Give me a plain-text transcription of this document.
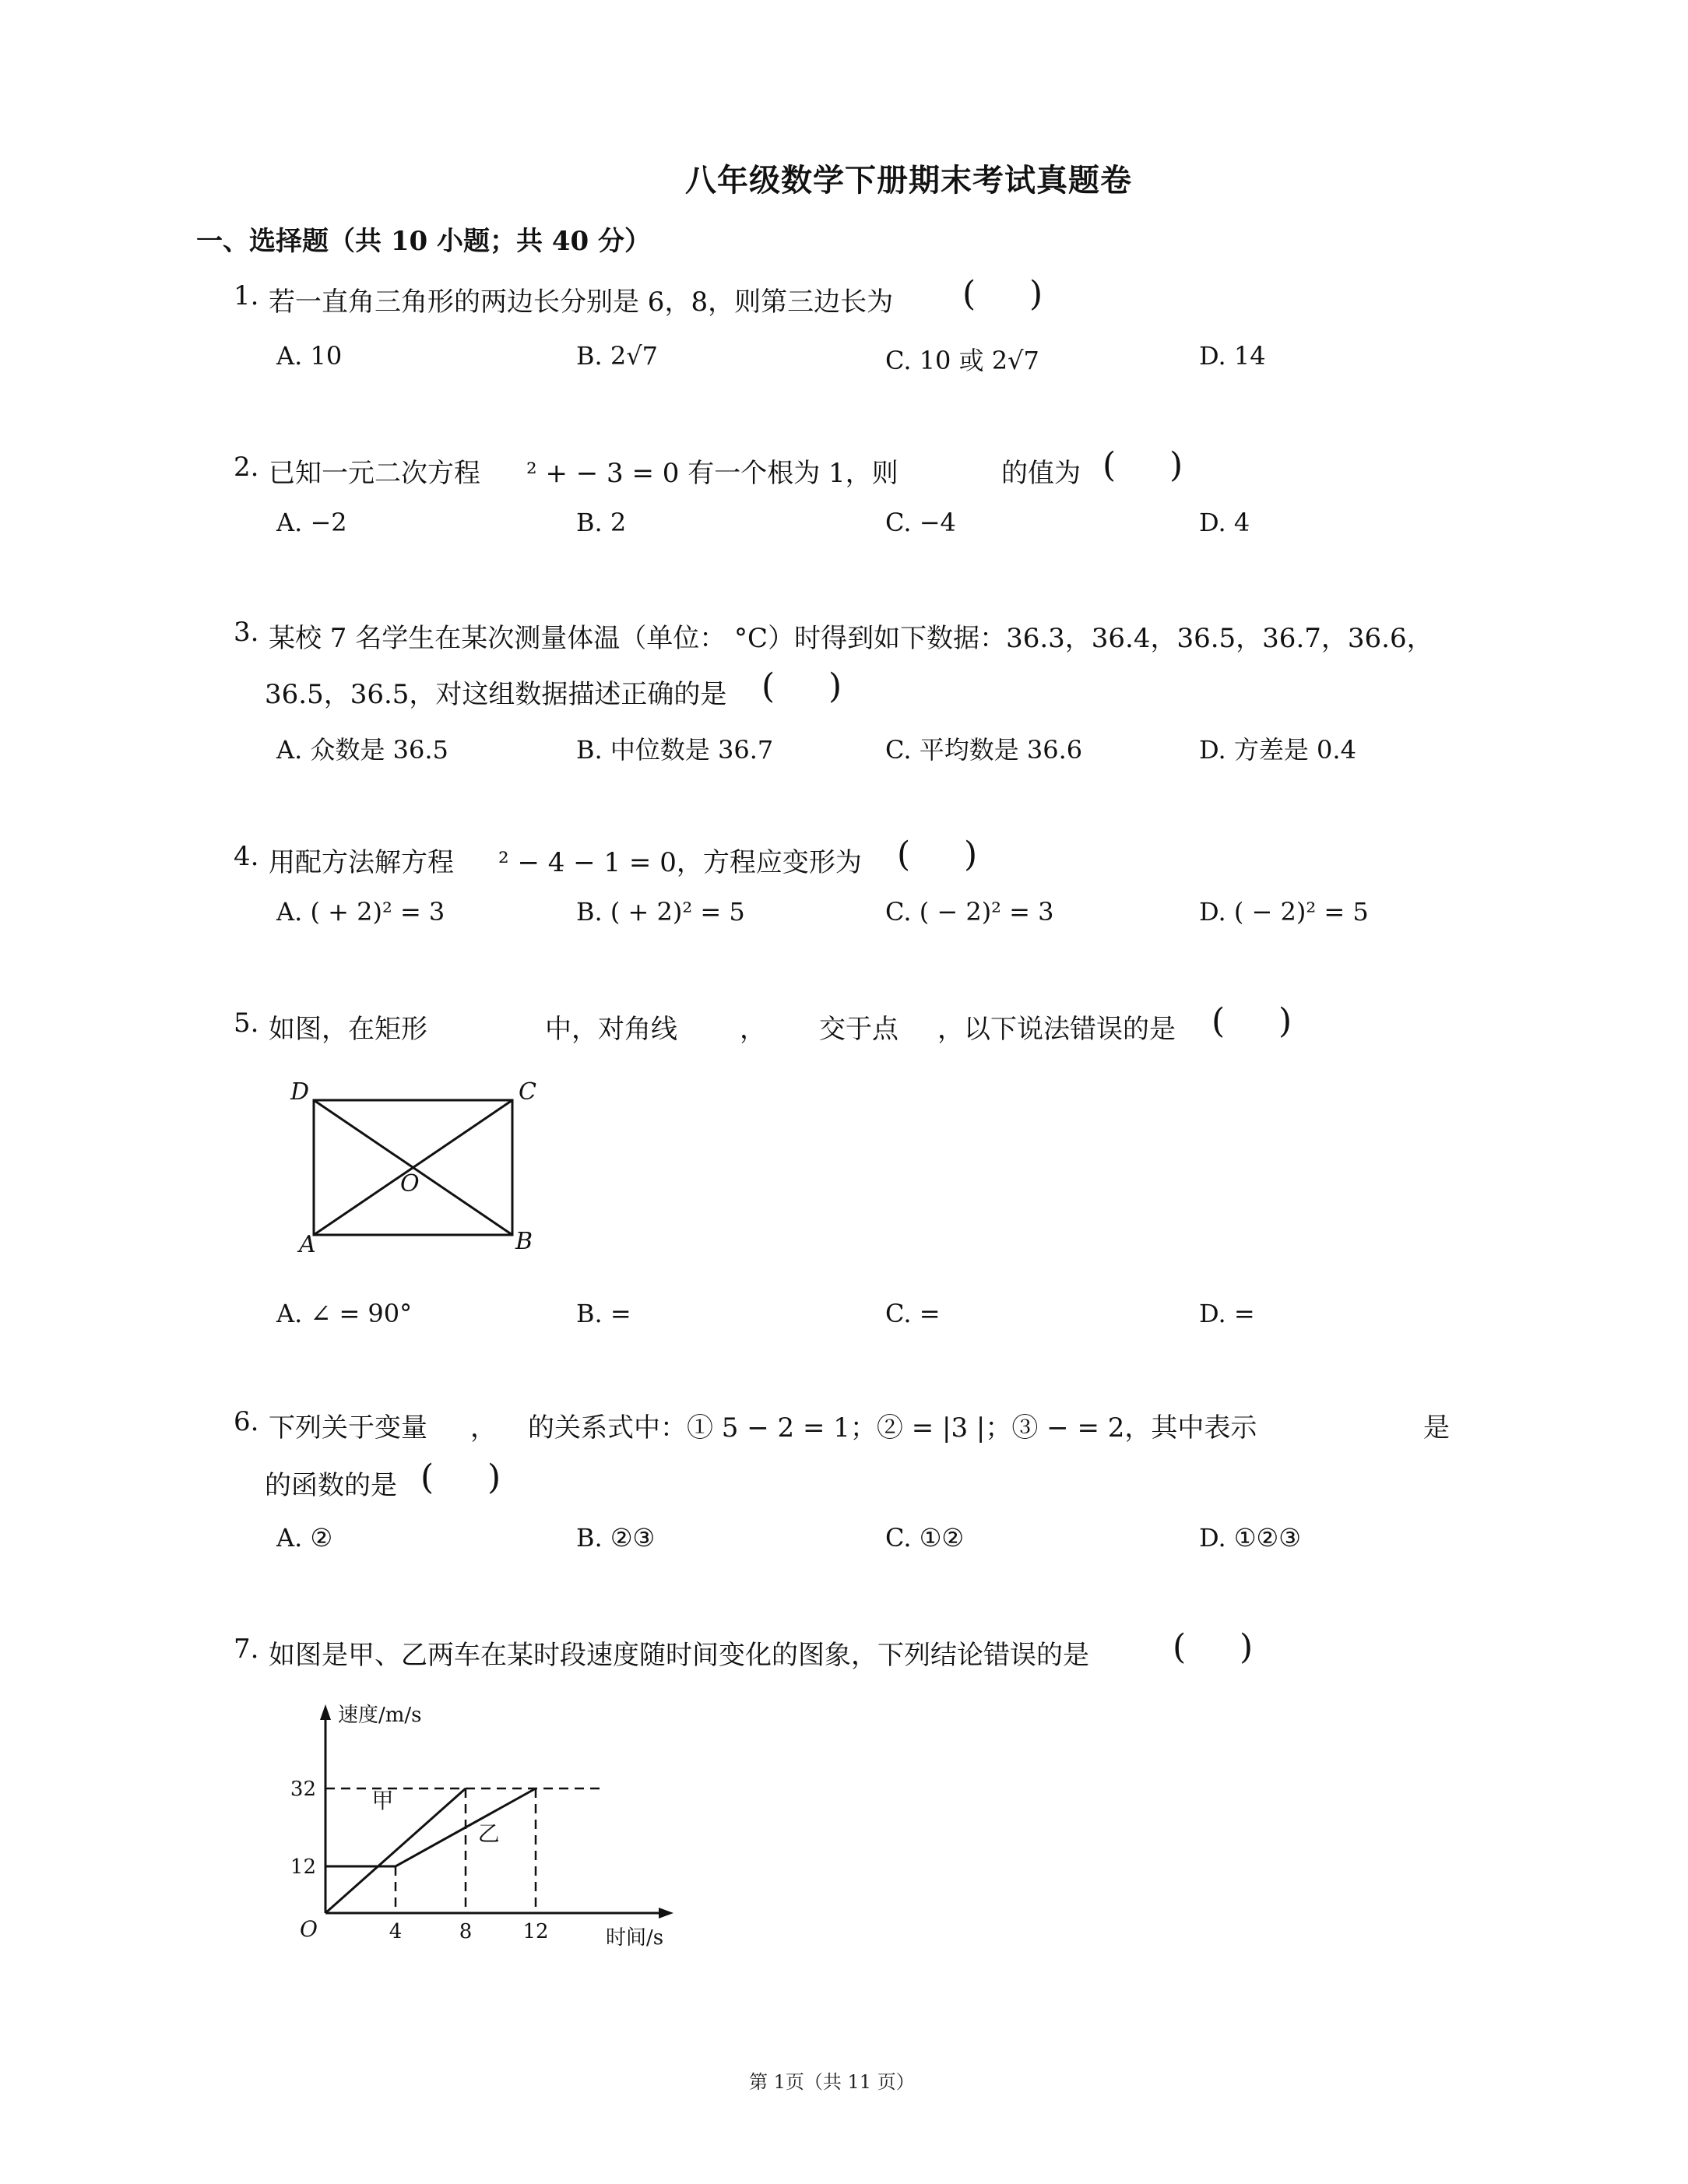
八年级数学下册期末考试真题卷
一、选择题（共 10 小题；共 40 分）
1. 若一直角三角形的两边长分别是 6，8，则第三边长为 ( )
A. 10	B. 2√7	C. 10 或 2√7	D. 14
2. 已知一元二次方程 ² + − 3 = 0 有一个根为 1，则	的值为 ( )
A. −2	B. 2	C. −4	D. 4
3. 某校 7 名学生在某次测量体温（单位： °C）时得到如下数据：36.3，36.4，36.5，36.7，36.6，
36.5，36.5，对这组数据描述正确的是 ( )
A. 众数是 36.5	B. 中位数是 36.7	C. 平均数是 36.6	D. 方差是 0.4
4. 用配方法解方程 ² − 4 − 1 = 0，方程应变形为 ( )
A. ( + 2)² = 3	B. ( + 2)² = 5	C. ( − 2)² = 3	D. ( − 2)² = 5
5. 如图，在矩形	中，对角线 ， 交于点 ，以下说法错误的是 ( )
D	C
A	B
O
A. ∠ = 90°	B. =	C. =	D. =
6. 下列关于变量 ， 的关系式中：① 5 − 2 = 1；② = |3 |；③ − = 2，其中表示	是
的函数的是 ( )
A. ②	B. ②③	C. ①②	D. ①②③
7. 如图是甲、乙两车在某时段速度随时间变化的图象，下列结论错误的是 ( )
速度/m/s
时间/s
O	4	8	12
12
32	甲
乙
第 1页（共 11 页）
